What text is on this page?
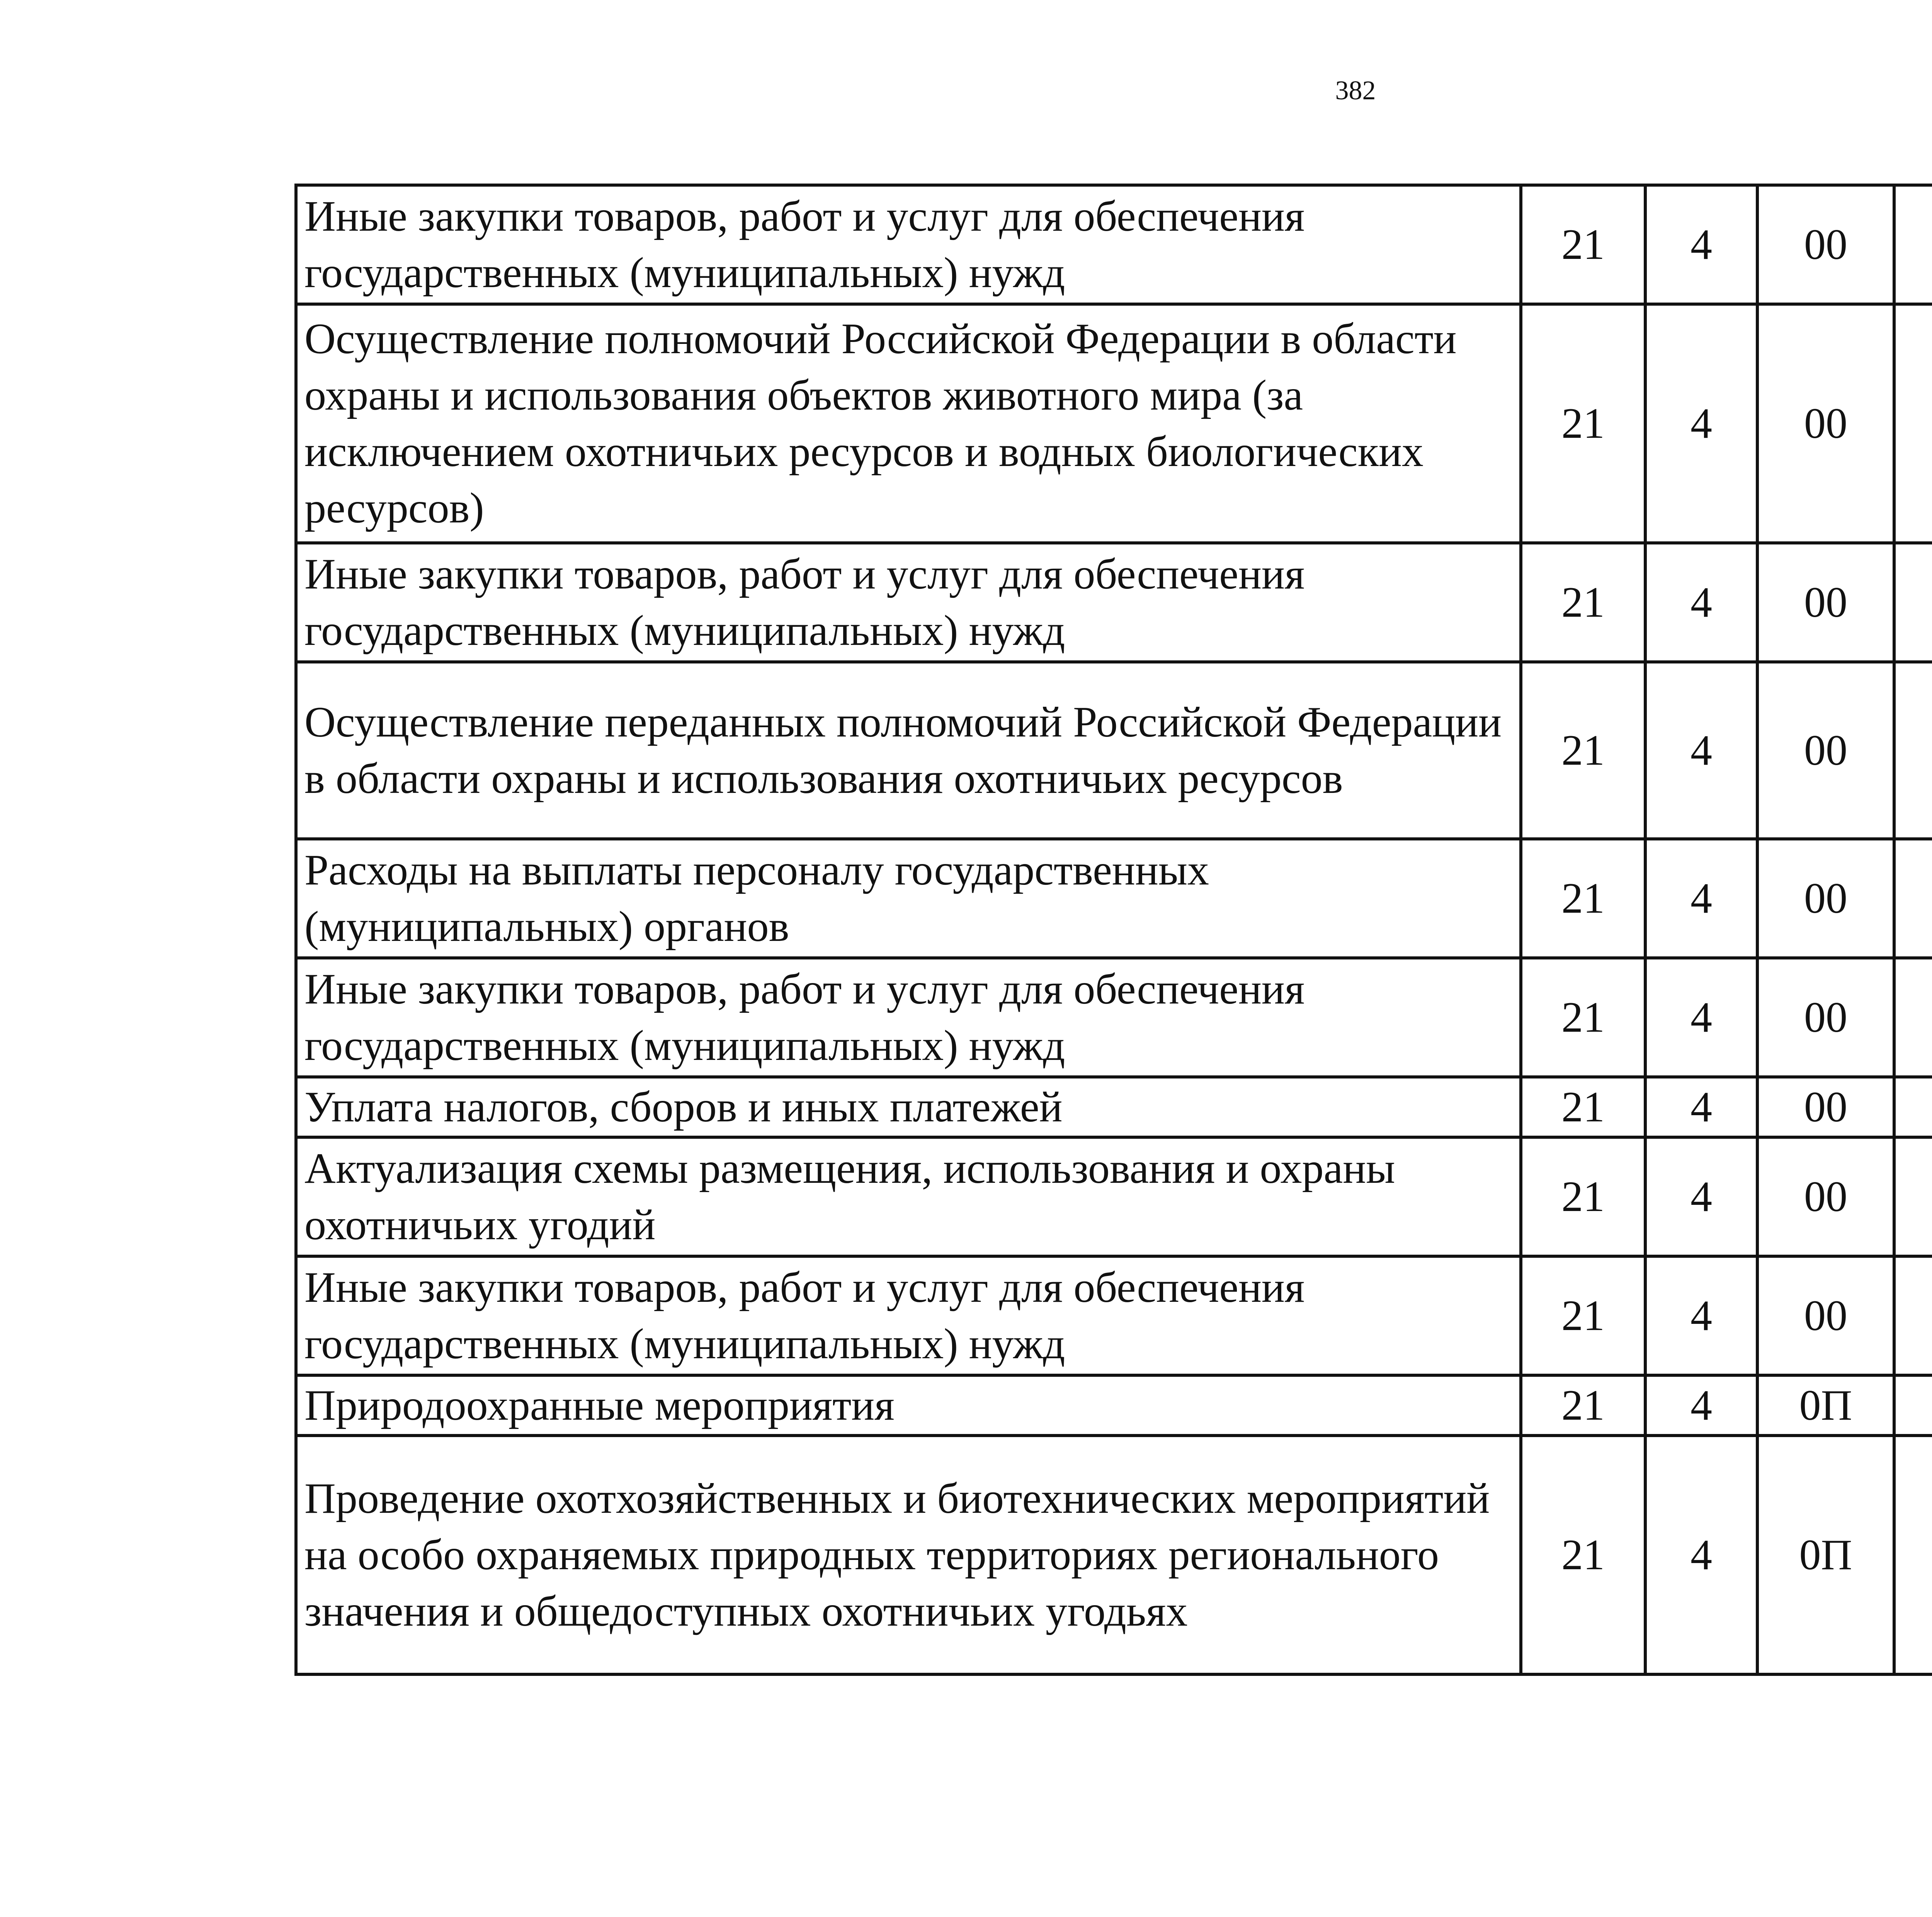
382
Иные закупки товаров, работ и услуг для обеспечения государственных (муниципальных) нужд	21	4	00			
Осуществление полномочий Российской Федерации в области охраны и использования объектов животного мира (за исключением охотничьих ресурсов и водных биологических ресурсов)	21	4	00			
Иные закупки товаров, работ и услуг для обеспечения государственных (муниципальных) нужд	21	4	00			
Осуществление переданных полномочий Российской Федерации в области охраны и использования охотничьих ресурсов	21	4	00			
Расходы на выплаты персоналу государственных (муниципальных) органов	21	4	00			
Иные закупки товаров, работ и услуг для обеспечения государственных (муниципальных) нужд	21	4	00			
Уплата налогов, сборов и иных платежей	21	4	00			
Актуализация схемы размещения, использования и охраны охотничьих угодий	21	4	00			
Иные закупки товаров, работ и услуг для обеспечения государственных (муниципальных) нужд	21	4	00			
Природоохранные мероприятия	21	4	0П			
Проведение охотхозяйственных и биотехнических мероприятий на особо охраняемых природных территориях регионального значения и общедоступных охотничьих угодьях	21	4	0П			
